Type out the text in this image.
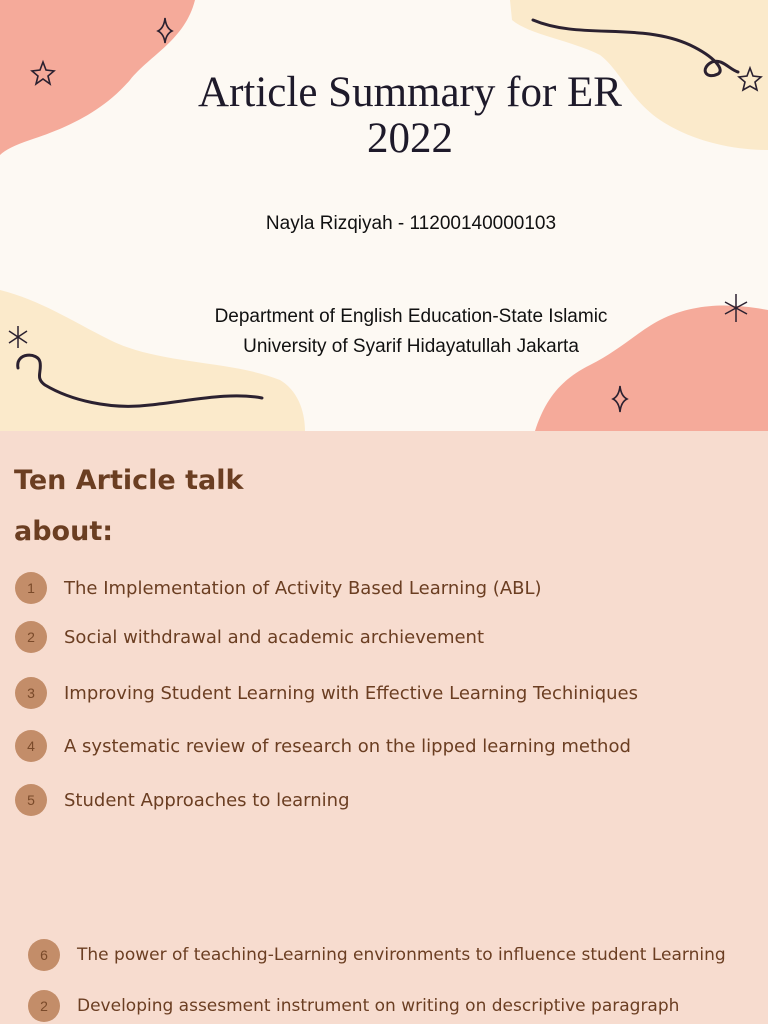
Article Summary for ER
2022
Nayla Rizqiyah - 11200140000103
Department of English Education-State Islamic
University of Syarif Hidayatullah Jakarta
Ten Article talk
about:
1	The Implementation of Activity Based Learning (ABL)
2	Social withdrawal and academic archievement
3	Improving Student Learning with Effective Learning Techiniques
4	A systematic review of research on the lipped learning method
5	Student Approaches to learning
6	The power of teaching-Learning environments to influence student Learning
2	Developing assesment instrument on writing on descriptive paragraph
